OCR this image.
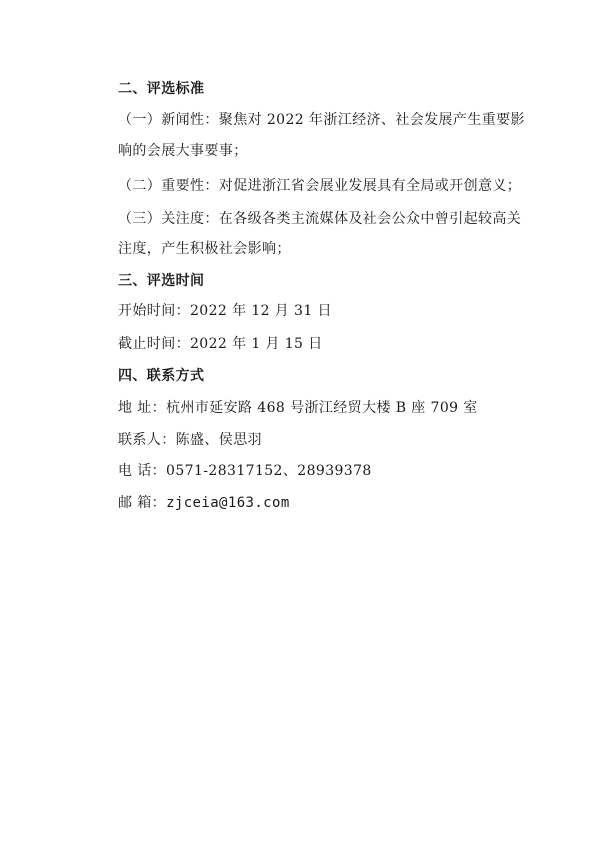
二、评选标准
（一）新闻性：聚焦对 2022 年浙江经济、社会发展产生重要影
响的会展大事要事；
（二）重要性：对促进浙江省会展业发展具有全局或开创意义；
（三）关注度：在各级各类主流媒体及社会公众中曾引起较高关
注度，产生积极社会影响；
三、评选时间
开始时间：2022 年 12 月 31 日
截止时间：2022 年 1 月 15 日
四、联系方式
地 址：杭州市延安路 468 号浙江经贸大楼 B 座 709 室
联系人：陈盛、侯思羽
电 话：0571-28317152、28939378
邮 箱：zjceia@163.com
